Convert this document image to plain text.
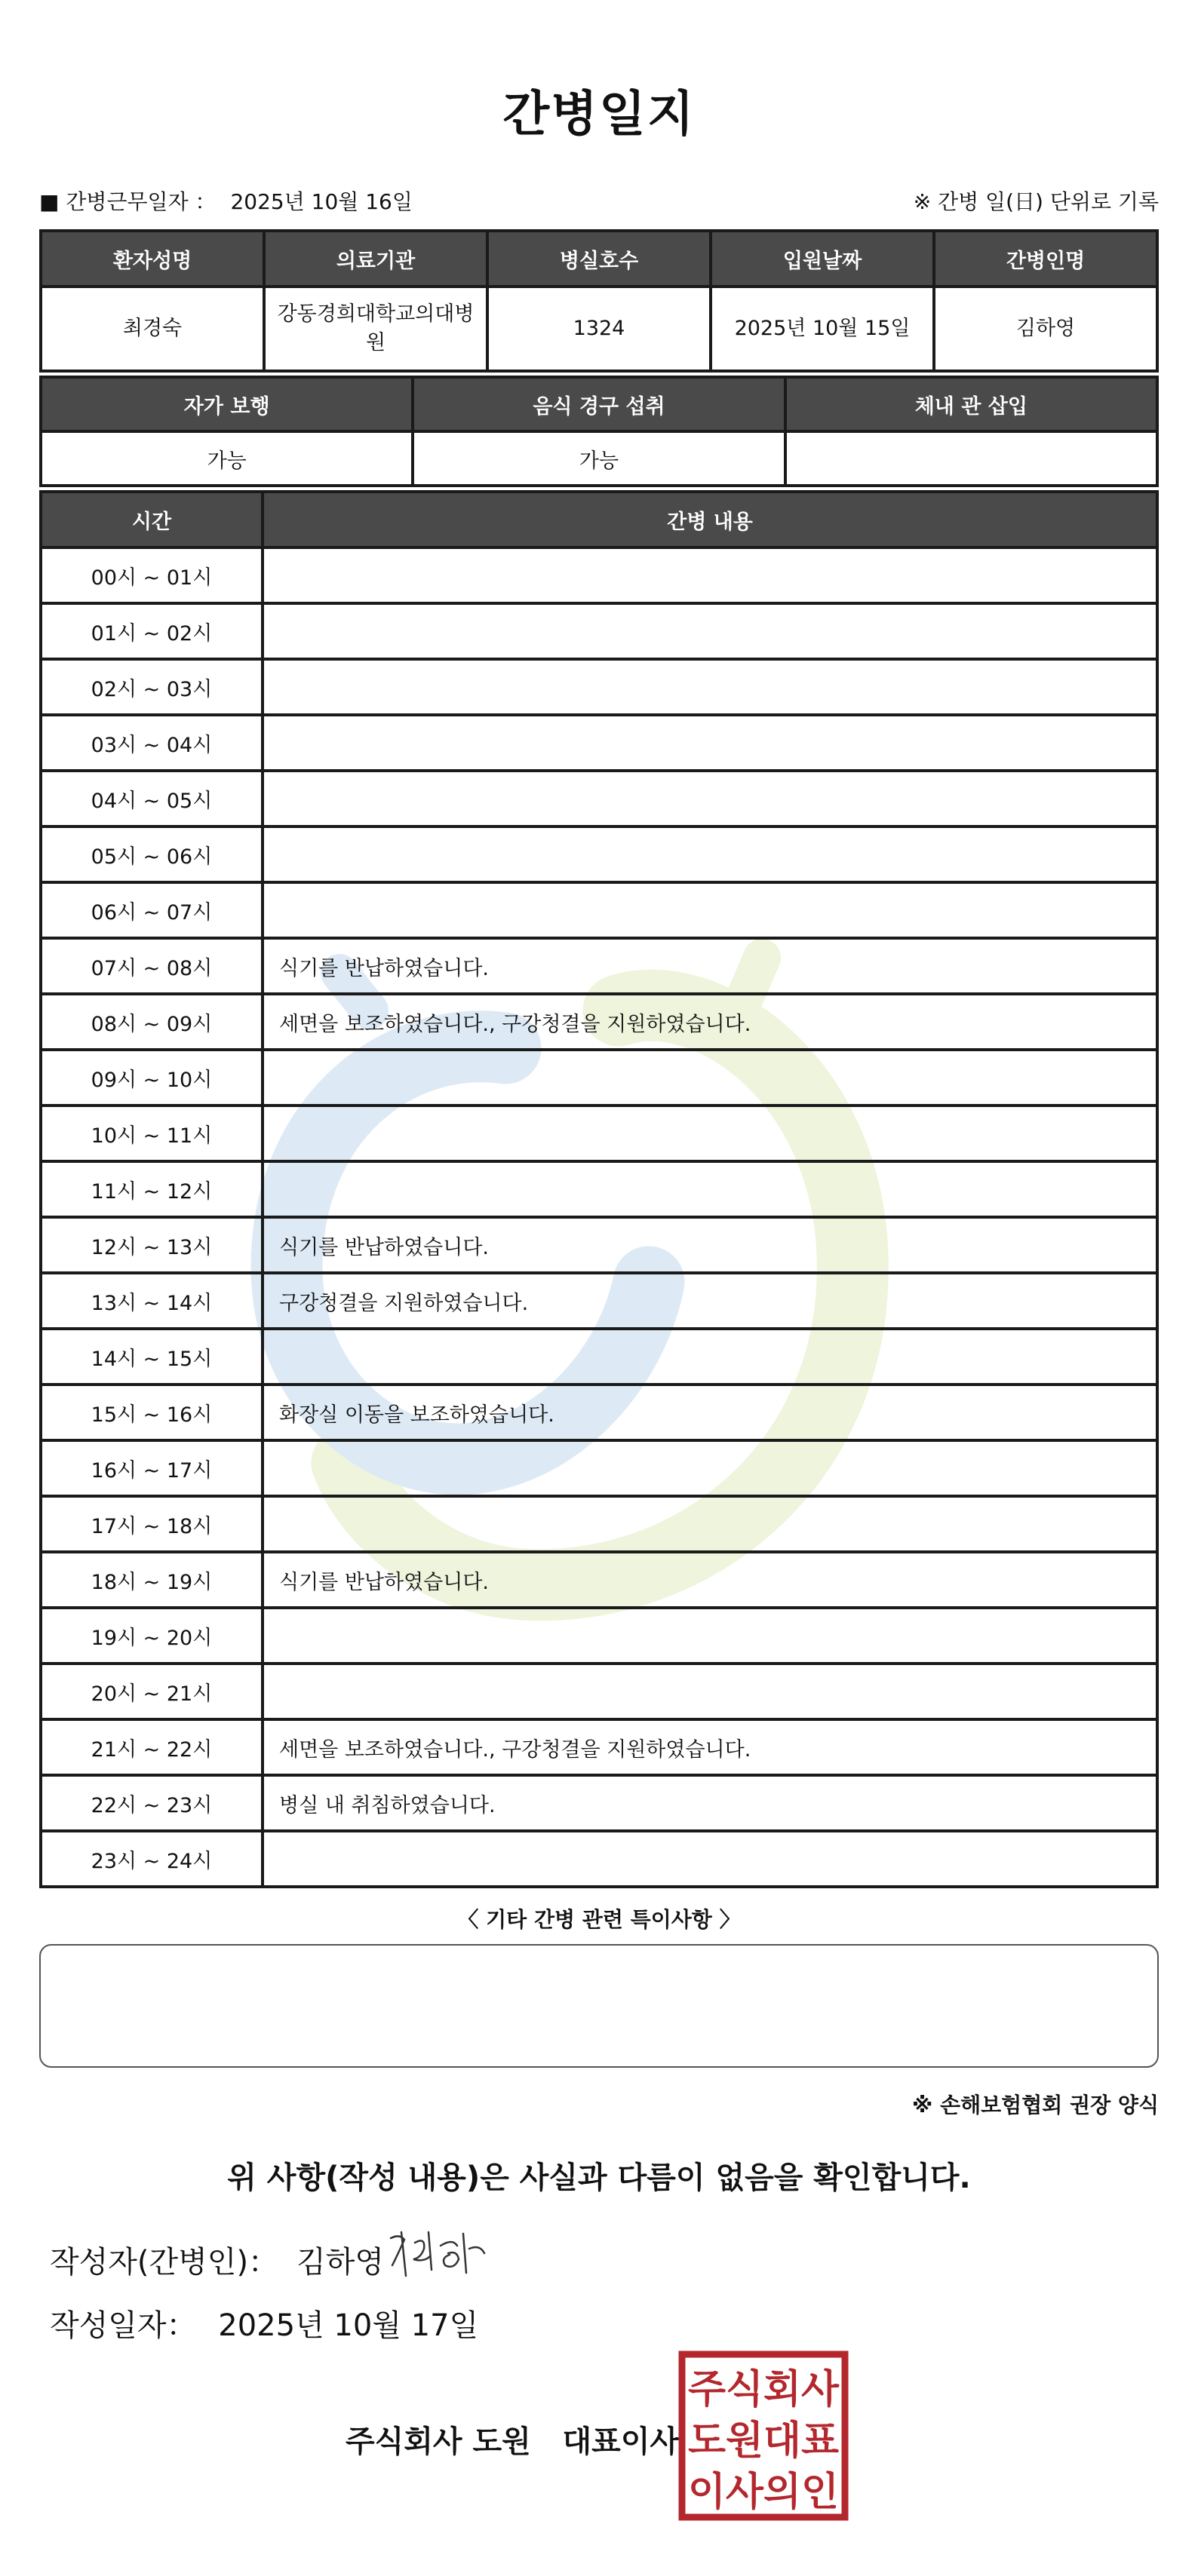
간병일지
■ 간병근무일자 ： 2025년 10월 16일	※ 간병 일(日) 단위로 기록
환자성명	의료기관	병실호수	입원날짜	간병인명
최경숙	강동경희대학교의대병원	1324	2025년 10월 15일	김하영
자가 보행	음식 경구 섭취	체내 관 삽입
가능	가능	
시간	간병 내용
00시 ~ 01시	
01시 ~ 02시	
02시 ~ 03시	
03시 ~ 04시	
04시 ~ 05시	
05시 ~ 06시	
06시 ~ 07시	
07시 ~ 08시	식기를 반납하였습니다.
08시 ~ 09시	세면을 보조하였습니다., 구강청결을 지원하였습니다.
09시 ~ 10시	
10시 ~ 11시	
11시 ~ 12시	
12시 ~ 13시	식기를 반납하였습니다.
13시 ~ 14시	구강청결을 지원하였습니다.
14시 ~ 15시	
15시 ~ 16시	화장실 이동을 보조하였습니다.
16시 ~ 17시	
17시 ~ 18시	
18시 ~ 19시	식기를 반납하였습니다.
19시 ~ 20시	
20시 ~ 21시	
21시 ~ 22시	세면을 보조하였습니다., 구강청결을 지원하였습니다.
22시 ~ 23시	병실 내 취침하였습니다.
23시 ~ 24시	
〈 기타 간병 관련 특이사항 〉
※ 손해보험협회 권장 양식
위 사항(작성 내용)은 사실과 다름이 없음을 확인합니다.
작성자(간병인)： 김하영
작성일자： 2025년 10월 17일
주식회사 도원   대표이사
주식회사
도원대표
이사의인
